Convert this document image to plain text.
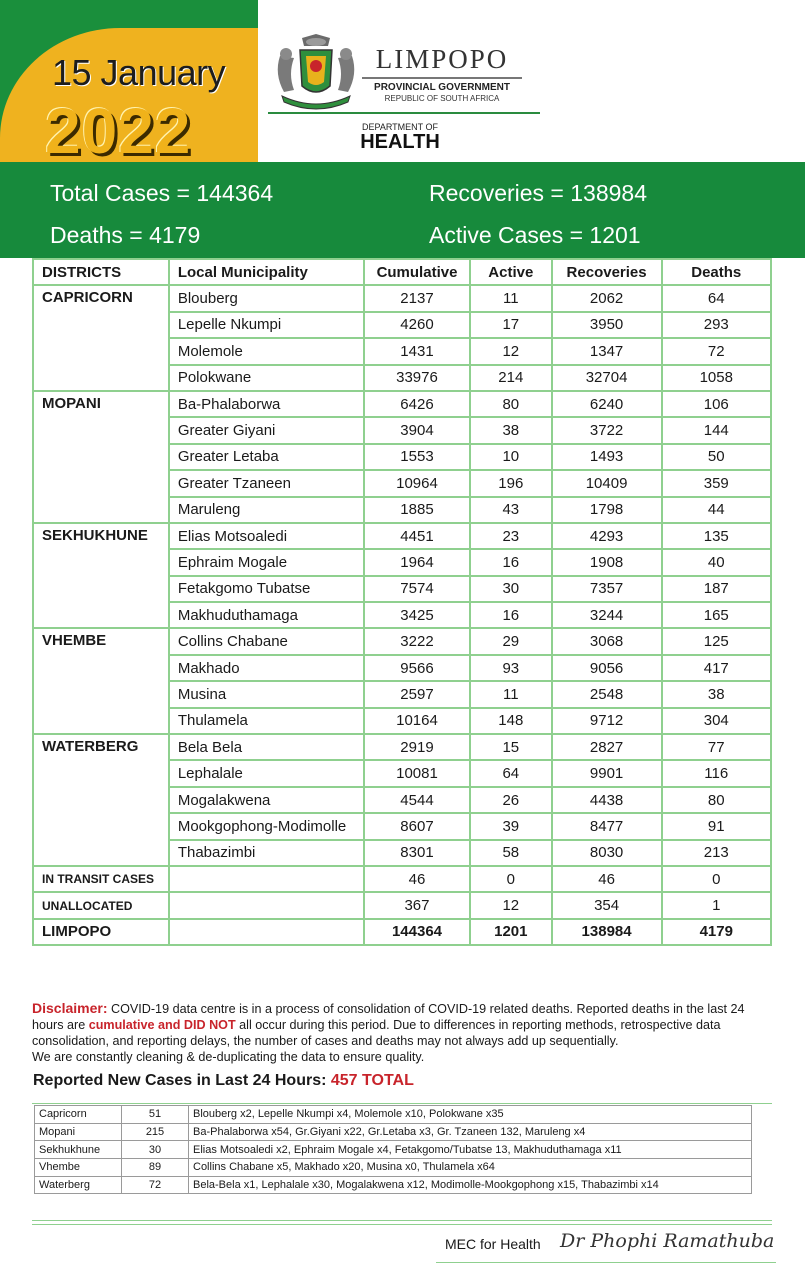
15 January
2022
LIMPOPO
PROVINCIAL GOVERNMENT
REPUBLIC OF SOUTH AFRICA
DEPARTMENT OF
HEALTH
Total Cases = 144364	Recoveries = 138984
Deaths = 4179	Active Cases = 1201
DISTRICTS	Local Municipality	Cumulative	Active	Recoveries	Deaths
CAPRICORN	Blouberg	2137	11	2062	64
	Lepelle Nkumpi	4260	17	3950	293
	Molemole	1431	12	1347	72
	Polokwane	33976	214	32704	1058
MOPANI	Ba-Phalaborwa	6426	80	6240	106
	Greater Giyani	3904	38	3722	144
	Greater Letaba	1553	10	1493	50
	Greater Tzaneen	10964	196	10409	359
	Maruleng	1885	43	1798	44
SEKHUKHUNE	Elias Motsoaledi	4451	23	4293	135
	Ephraim Mogale	1964	16	1908	40
	Fetakgomo Tubatse	7574	30	7357	187
	Makhuduthamaga	3425	16	3244	165
VHEMBE	Collins Chabane	3222	29	3068	125
	Makhado	9566	93	9056	417
	Musina	2597	11	2548	38
	Thulamela	10164	148	9712	304
WATERBERG	Bela Bela	2919	15	2827	77
	Lephalale	10081	64	9901	116
	Mogalakwena	4544	26	4438	80
	Mookgophong-Modimolle	8607	39	8477	91
	Thabazimbi	8301	58	8030	213
IN TRANSIT CASES		46	0	46	0
UNALLOCATED		367	12	354	1
LIMPOPO		144364	1201	138984	4179
Disclaimer: COVID-19 data centre is in a process of consolidation of COVID-19 related deaths. Reported deaths in the last 24 hours are cumulative and DID NOT all occur during this period. Due to differences in reporting methods, retrospective data consolidation, and reporting delays, the number of cases and deaths may not always add up sequentially.
We are constantly cleaning & de-duplicating the data to ensure quality.
Reported New Cases in Last 24 Hours: 457 TOTAL
Capricorn	51	Blouberg x2, Lepelle Nkumpi x4, Molemole x10, Polokwane x35
Mopani	215	Ba-Phalaborwa x54, Gr.Giyani x22, Gr.Letaba x3, Gr. Tzaneen 132, Maruleng x4
Sekhukhune	30	Elias Motsoaledi x2, Ephraim Mogale x4, Fetakgomo/Tubatse 13, Makhuduthamaga x11
Vhembe	89	Collins Chabane x5, Makhado x20, Musina x0, Thulamela x64
Waterberg	72	Bela-Bela x1, Lephalale x30, Mogalakwena x12, Modimolle-Mookgophong x15, Thabazimbi x14
MEC for Health Dr Phophi Ramathuba
